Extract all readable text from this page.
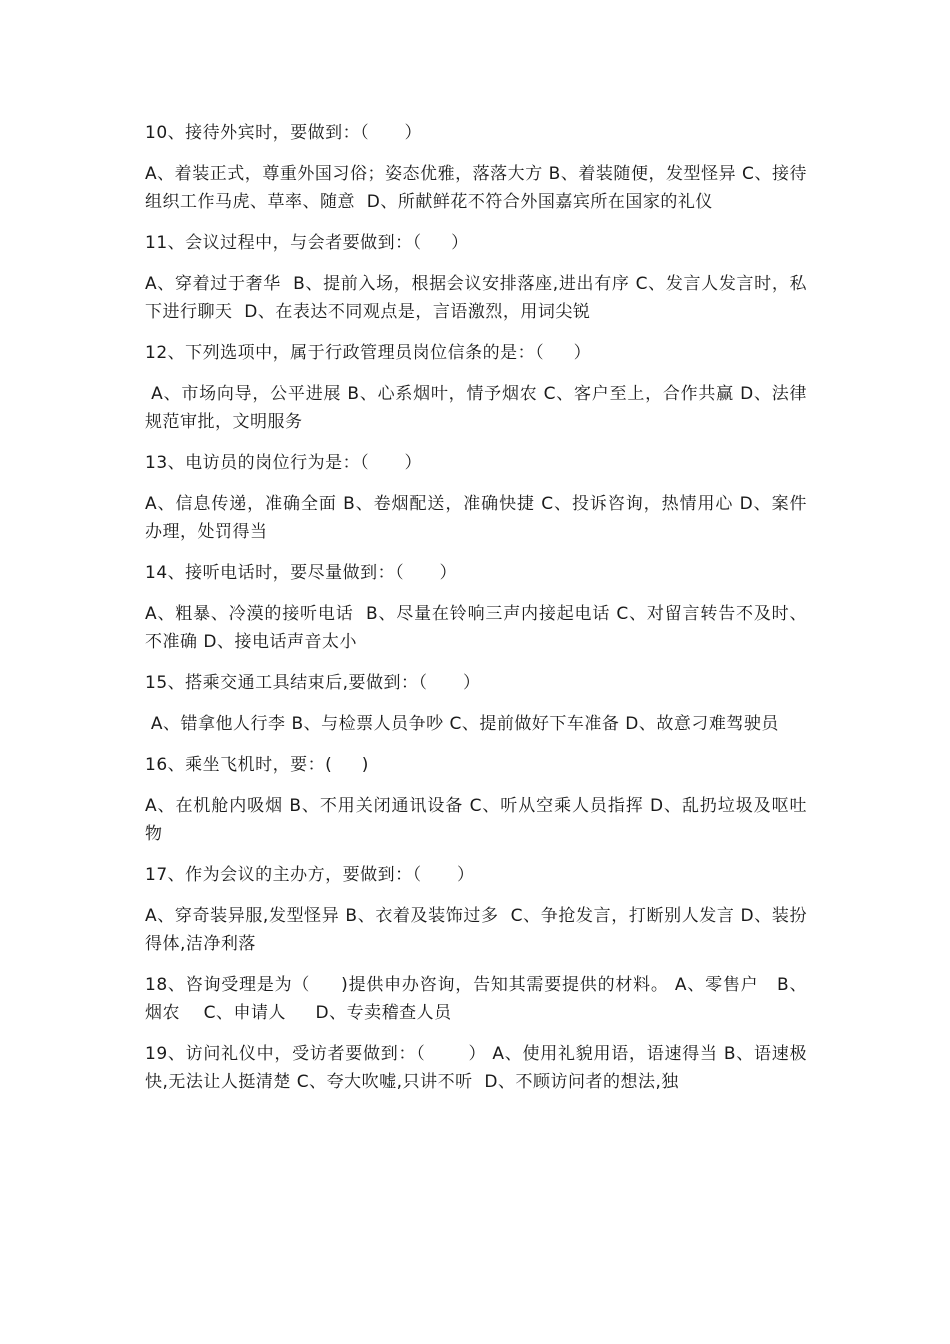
10、接待外宾时，要做到：（      ）
A、着装正式，尊重外国习俗；姿态优雅，落落大方 B、着装随便，发型怪异 C、接待组织工作马虎、草率、随意  D、所献鲜花不符合外国嘉宾所在国家的礼仪
11、会议过程中，与会者要做到：（     ）
A、穿着过于奢华  B、提前入场，根据会议安排落座,进出有序 C、发言人发言时，私下进行聊天  D、在表达不同观点是，言语激烈，用词尖锐
12、下列选项中，属于行政管理员岗位信条的是：（     ）
A、市场向导，公平进展 B、心系烟叶，情予烟农 C、客户至上，合作共赢 D、法律规范审批，文明服务
13、电访员的岗位行为是：（      ）
A、信息传递，准确全面 B、卷烟配送，准确快捷 C、投诉咨询，热情用心 D、案件办理，处罚得当
14、接听电话时，要尽量做到：（      ）
A、粗暴、冷漠的接听电话  B、尽量在铃响三声内接起电话 C、对留言转告不及时、不准确 D、接电话声音太小
15、搭乘交通工具结束后,要做到：（      ）
A、错拿他人行李 B、与检票人员争吵 C、提前做好下车准备 D、故意刁难驾驶员
16、乘坐飞机时，要：(     )
A、在机舱内吸烟 B、不用关闭通讯设备 C、听从空乘人员指挥 D、乱扔垃圾及呕吐物
17、作为会议的主办方，要做到：（      ）
A、穿奇装异服,发型怪异 B、衣着及装饰过多  C、争抢发言，打断别人发言 D、装扮得体,洁净利落
18、咨询受理是为（     )提供申办咨询，告知其需要提供的材料。 A、零售户   B、烟农    C、申请人     D、专卖稽查人员
19、访问礼仪中，受访者要做到：（       ） A、使用礼貌用语，语速得当 B、语速极快,无法让人挺清楚 C、夸大吹嘘,只讲不听  D、不顾访问者的想法,独
